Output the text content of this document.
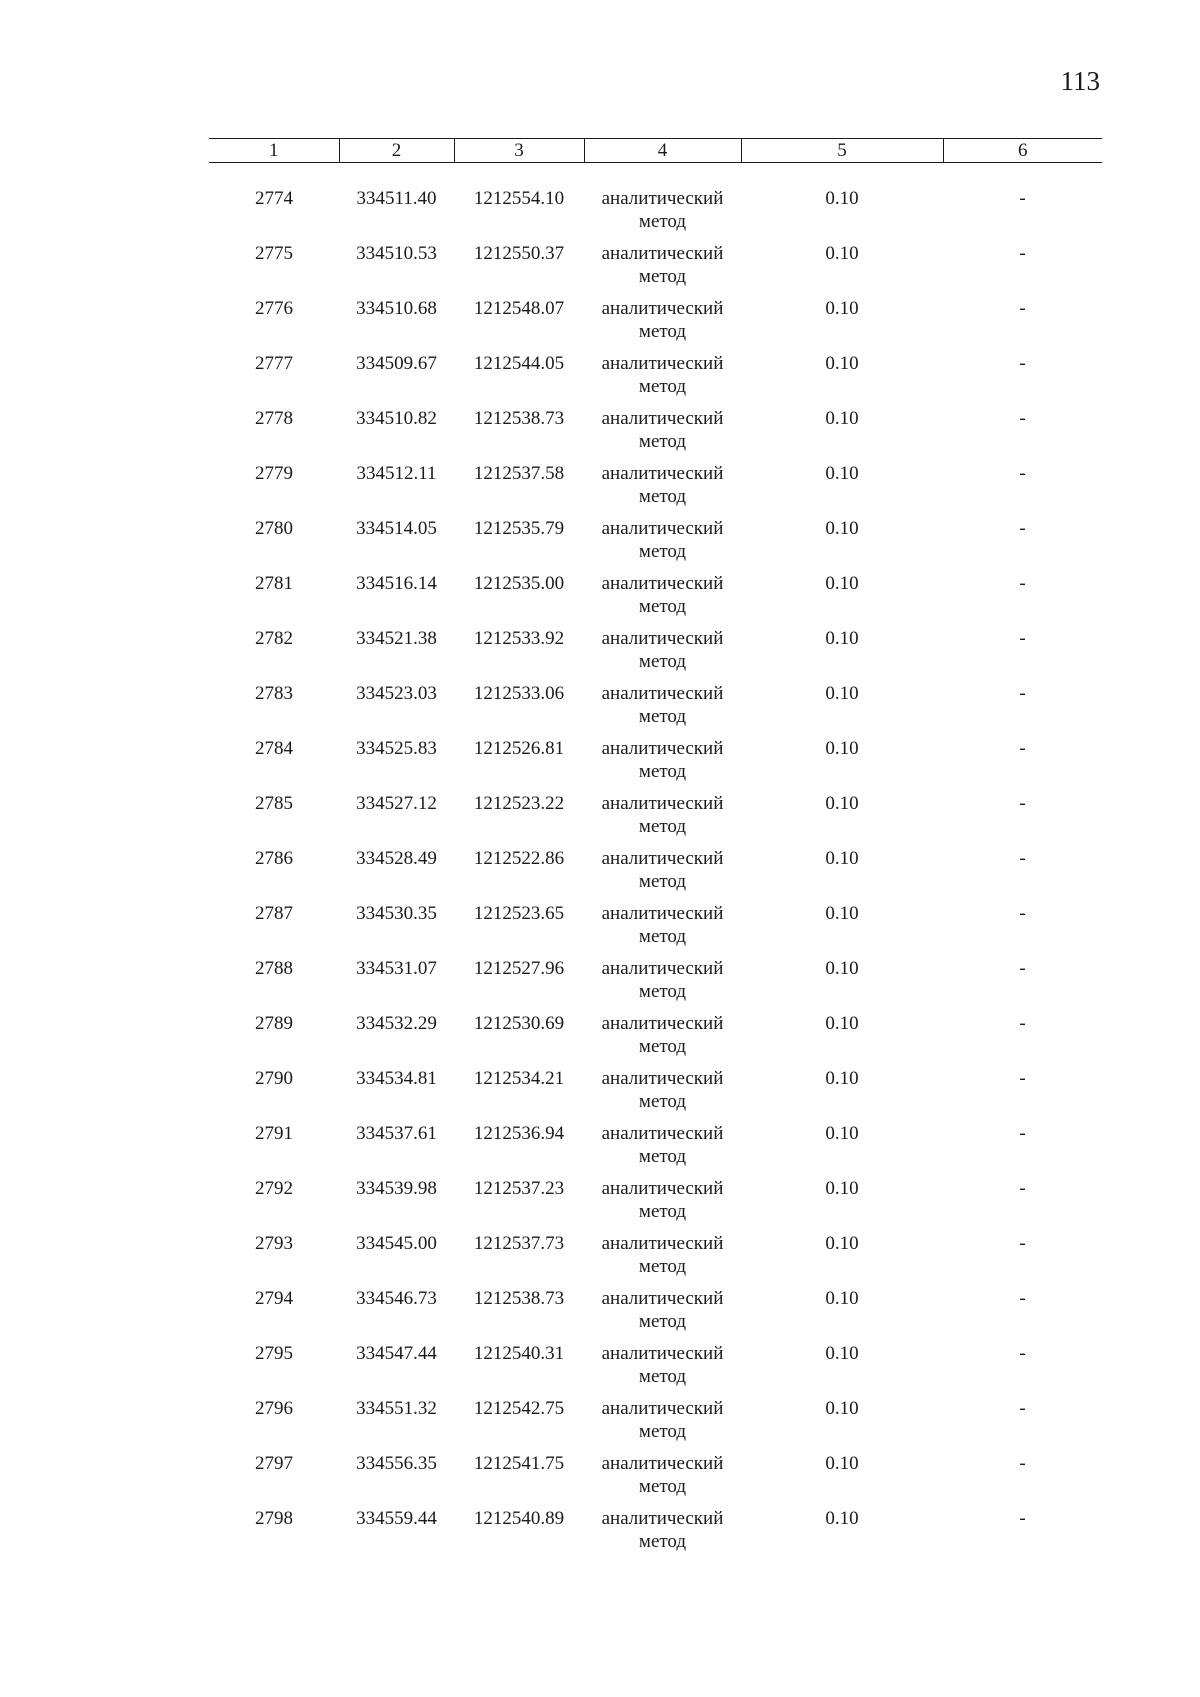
113
1	2	3	4	5	6

2774	334511.40	1212554.10	аналитический
метод	0.10	-
2775	334510.53	1212550.37	аналитический
метод	0.10	-
2776	334510.68	1212548.07	аналитический
метод	0.10	-
2777	334509.67	1212544.05	аналитический
метод	0.10	-
2778	334510.82	1212538.73	аналитический
метод	0.10	-
2779	334512.11	1212537.58	аналитический
метод	0.10	-
2780	334514.05	1212535.79	аналитический
метод	0.10	-
2781	334516.14	1212535.00	аналитический
метод	0.10	-
2782	334521.38	1212533.92	аналитический
метод	0.10	-
2783	334523.03	1212533.06	аналитический
метод	0.10	-
2784	334525.83	1212526.81	аналитический
метод	0.10	-
2785	334527.12	1212523.22	аналитический
метод	0.10	-
2786	334528.49	1212522.86	аналитический
метод	0.10	-
2787	334530.35	1212523.65	аналитический
метод	0.10	-
2788	334531.07	1212527.96	аналитический
метод	0.10	-
2789	334532.29	1212530.69	аналитический
метод	0.10	-
2790	334534.81	1212534.21	аналитический
метод	0.10	-
2791	334537.61	1212536.94	аналитический
метод	0.10	-
2792	334539.98	1212537.23	аналитический
метод	0.10	-
2793	334545.00	1212537.73	аналитический
метод	0.10	-
2794	334546.73	1212538.73	аналитический
метод	0.10	-
2795	334547.44	1212540.31	аналитический
метод	0.10	-
2796	334551.32	1212542.75	аналитический
метод	0.10	-
2797	334556.35	1212541.75	аналитический
метод	0.10	-
2798	334559.44	1212540.89	аналитический
метод	0.10	-
